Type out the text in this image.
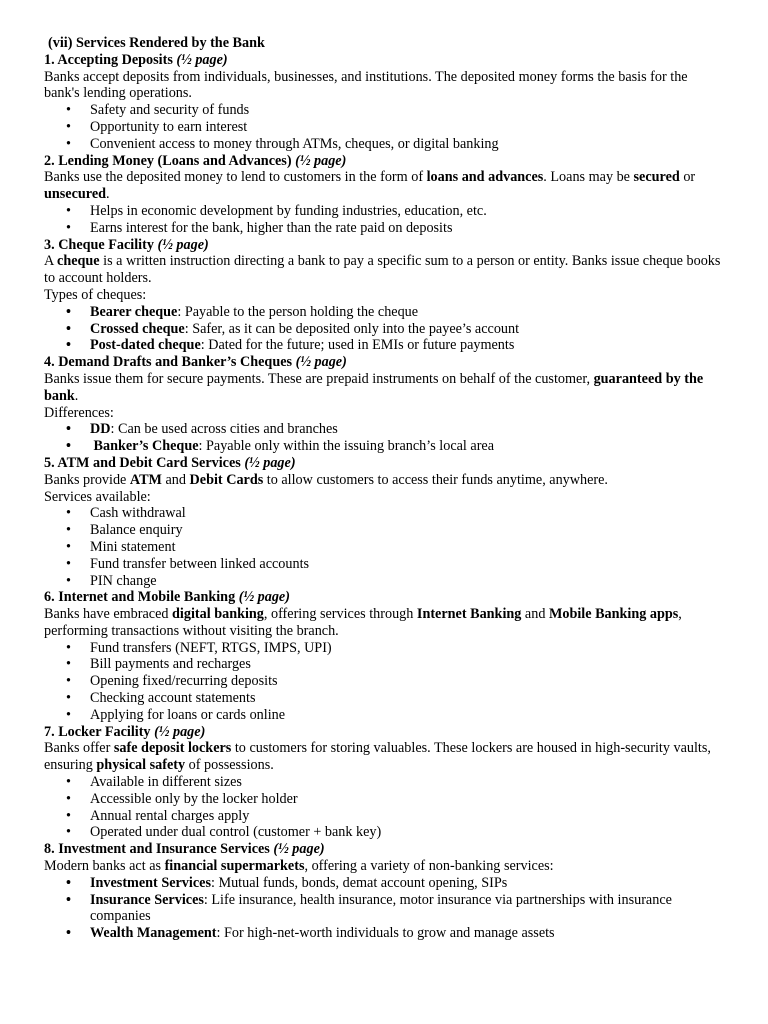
(vii) Services Rendered by the Bank
1. Accepting Deposits (½ page)

Banks accept deposits from individuals, businesses, and institutions. The deposited money forms the basis for the bank's lending operations.

• Safety and security of funds
• Opportunity to earn interest
• Convenient access to money through ATMs, cheques, or digital banking
2. Lending Money (Loans and Advances) (½ page)

Banks use the deposited money to lend to customers in the form of loans and advances. Loans may be secured or unsecured.

• Helps in economic development by funding industries, education, etc.
• Earns interest for the bank, higher than the rate paid on deposits
3. Cheque Facility (½ page)

A cheque is a written instruction directing a bank to pay a specific sum to a person or entity. Banks issue cheque books to account holders.

Types of cheques:

• Bearer cheque: Payable to the person holding the cheque
• Crossed cheque: Safer, as it can be deposited only into the payee’s account
• Post-dated cheque: Dated for the future; used in EMIs or future payments
4. Demand Drafts and Banker’s Cheques (½ page)

Banks issue them for secure payments. These are prepaid instruments on behalf of the customer, guaranteed by the bank.

Differences:

• DD: Can be used across cities and branches
•  Banker’s Cheque: Payable only within the issuing branch’s local area
5. ATM and Debit Card Services (½ page)

Banks provide ATM and Debit Cards to allow customers to access their funds anytime, anywhere.

Services available:

• Cash withdrawal
• Balance enquiry
• Mini statement
• Fund transfer between linked accounts
• PIN change
6. Internet and Mobile Banking (½ page)

Banks have embraced digital banking, offering services through Internet Banking and Mobile Banking apps, performing transactions without visiting the branch.

• Fund transfers (NEFT, RTGS, IMPS, UPI)
• Bill payments and recharges
• Opening fixed/recurring deposits
• Checking account statements
• Applying for loans or cards online
7. Locker Facility (½ page)

Banks offer safe deposit lockers to customers for storing valuables. These lockers are housed in high-security vaults, ensuring physical safety of possessions.

• Available in different sizes
• Accessible only by the locker holder
• Annual rental charges apply
• Operated under dual control (customer + bank key)
8. Investment and Insurance Services (½ page)

Modern banks act as financial supermarkets, offering a variety of non-banking services:

• Investment Services: Mutual funds, bonds, demat account opening, SIPs
• Insurance Services: Life insurance, health insurance, motor insurance via partnerships with insurance companies
• Wealth Management: For high-net-worth individuals to grow and manage assets
